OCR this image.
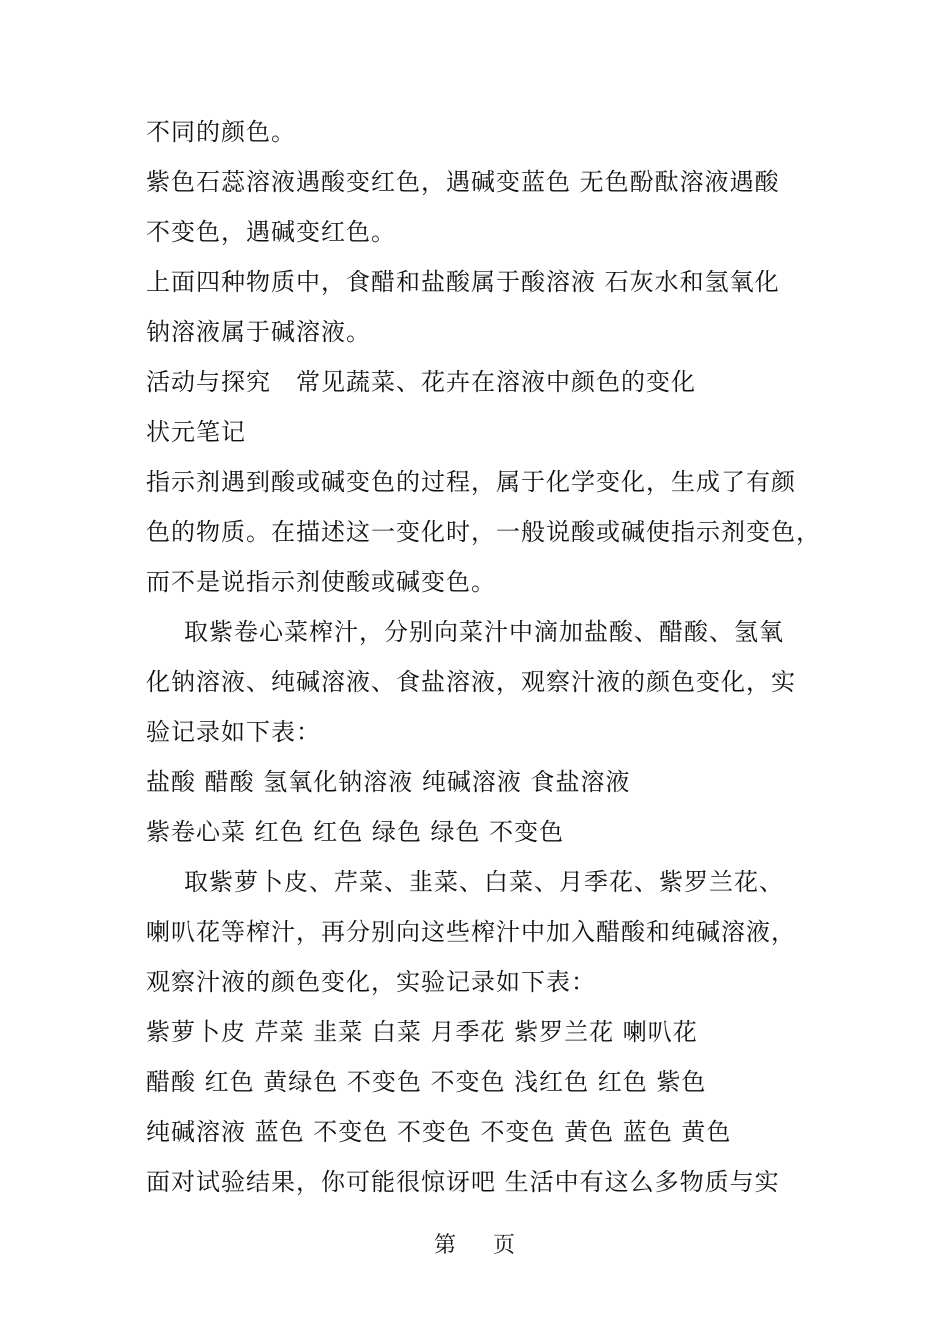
不同的颜色。
紫色石蕊溶液遇酸变红色，遇碱变蓝色 无色酚酞溶液遇酸
不变色，遇碱变红色。
上面四种物质中，食醋和盐酸属于酸溶液 石灰水和氢氧化
钠溶液属于碱溶液。
活动与探究　常见蔬菜、花卉在溶液中颜色的变化
状元笔记
指示剂遇到酸或碱变色的过程，属于化学变化，生成了有颜
色的物质。在描述这一变化时，一般说酸或碱使指示剂变色，
而不是说指示剂使酸或碱变色。
取紫卷心菜榨汁，分别向菜汁中滴加盐酸、醋酸、氢氧
化钠溶液、纯碱溶液、食盐溶液，观察汁液的颜色变化，实
验记录如下表：
盐酸 醋酸 氢氧化钠溶液 纯碱溶液 食盐溶液
紫卷心菜 红色 红色 绿色 绿色 不变色
取紫萝卜皮、芹菜、韭菜、白菜、月季花、紫罗兰花、
喇叭花等榨汁，再分别向这些榨汁中加入醋酸和纯碱溶液，
观察汁液的颜色变化，实验记录如下表：
紫萝卜皮 芹菜 韭菜 白菜 月季花 紫罗兰花 喇叭花
醋酸 红色 黄绿色 不变色 不变色 浅红色 红色 紫色
纯碱溶液 蓝色 不变色 不变色 不变色 黄色 蓝色 黄色
面对试验结果，你可能很惊讶吧 生活中有这么多物质与实
第 页
